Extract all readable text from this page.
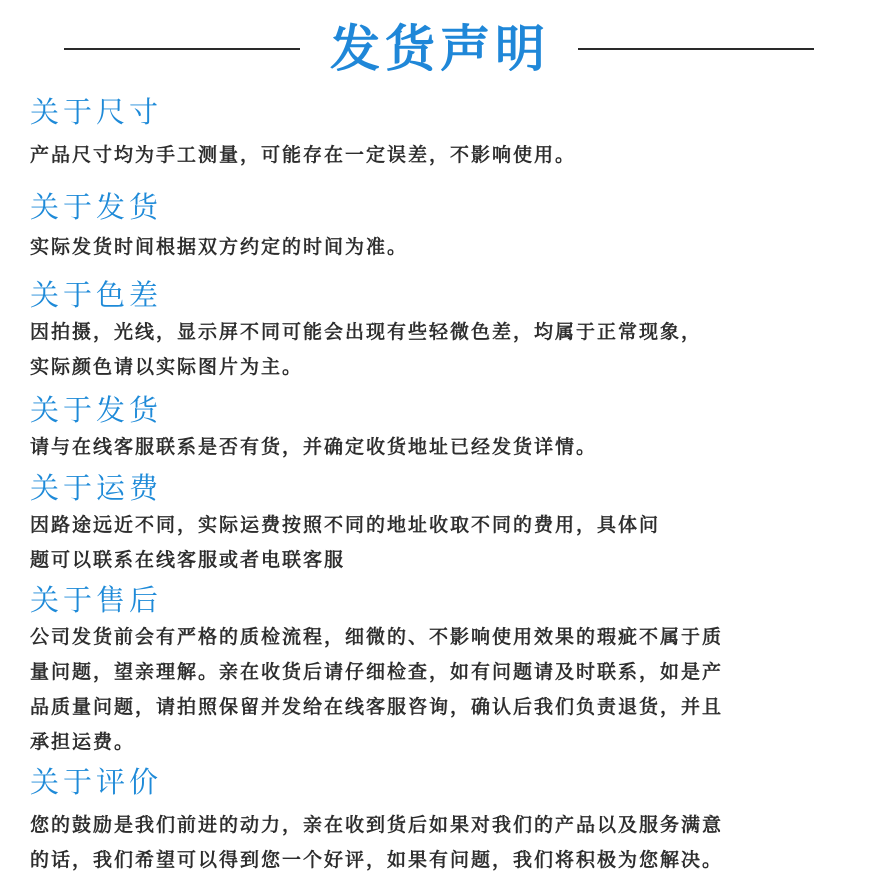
发货声明
关于尺寸
产品尺寸均为手工测量，可能存在一定误差，不影响使用。
关于发货
实际发货时间根据双方约定的时间为准。
关于色差
因拍摄，光线，显示屏不同可能会出现有些轻微色差，均属于正常现象，
实际颜色请以实际图片为主。
关于发货
请与在线客服联系是否有货，并确定收货地址已经发货详情。
关于运费
因路途远近不同，实际运费按照不同的地址收取不同的费用，具体问
题可以联系在线客服或者电联客服
关于售后
公司发货前会有严格的质检流程，细微的、不影响使用效果的瑕疵不属于质
量问题，望亲理解。亲在收货后请仔细检查，如有问题请及时联系，如是产
品质量问题，请拍照保留并发给在线客服咨询，确认后我们负责退货，并且
承担运费。
关于评价
您的鼓励是我们前进的动力，亲在收到货后如果对我们的产品以及服务满意
的话，我们希望可以得到您一个好评，如果有问题，我们将积极为您解决。
